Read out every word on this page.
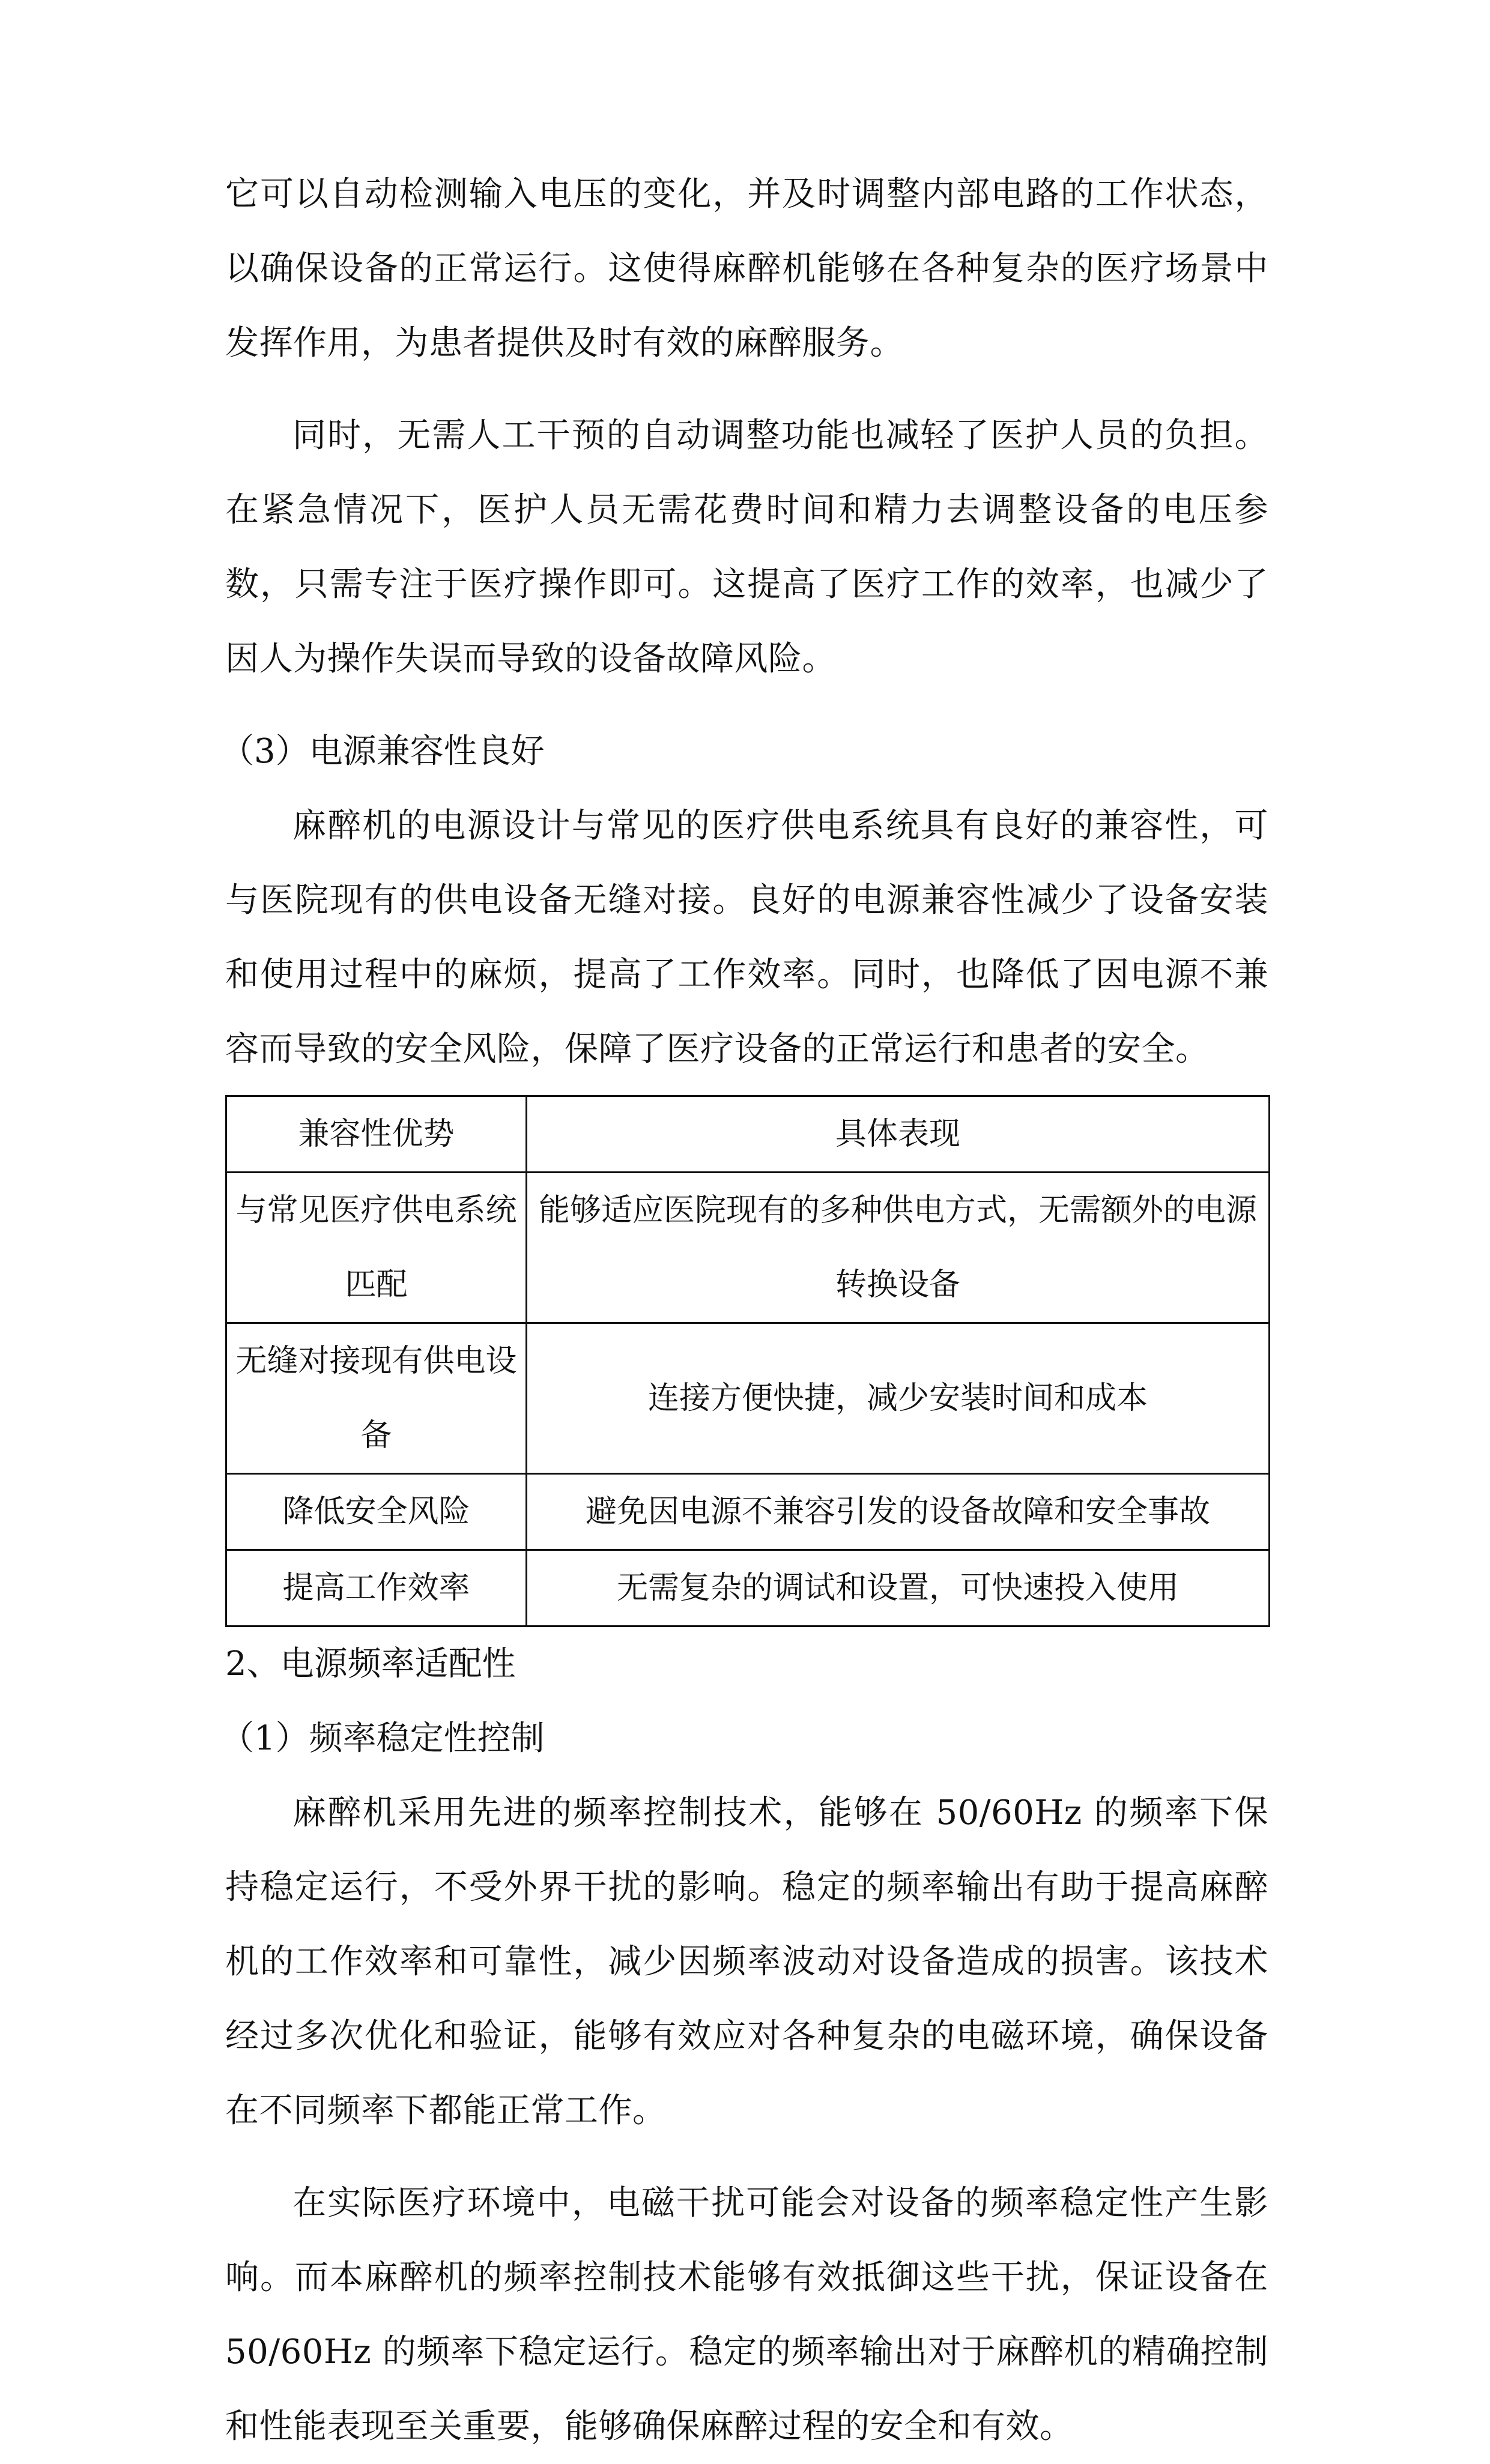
它可以自动检测输入电压的变化，并及时调整内部电路的工作状态，以确保设备的正常运行。这使得麻醉机能够在各种复杂的医疗场景中发挥作用，为患者提供及时有效的麻醉服务。

同时，无需人工干预的自动调整功能也减轻了医护人员的负担。在紧急情况下，医护人员无需花费时间和精力去调整设备的电压参数，只需专注于医疗操作即可。这提高了医疗工作的效率，也减少了因人为操作失误而导致的设备故障风险。

（3）电源兼容性良好

麻醉机的电源设计与常见的医疗供电系统具有良好的兼容性，可与医院现有的供电设备无缝对接。良好的电源兼容性减少了设备安装和使用过程中的麻烦，提高了工作效率。同时，也降低了因电源不兼容而导致的安全风险，保障了医疗设备的正常运行和患者的安全。

兼容性优势	具体表现
与常见医疗供电系统匹配	能够适应医院现有的多种供电方式，无需额外的电源转换设备
无缝对接现有供电设备	连接方便快捷，减少安装时间和成本
降低安全风险	避免因电源不兼容引发的设备故障和安全事故
提高工作效率	无需复杂的调试和设置，可快速投入使用
2、电源频率适配性
（1）频率稳定性控制

麻醉机采用先进的频率控制技术，能够在 50/60Hz 的频率下保持稳定运行，不受外界干扰的影响。稳定的频率输出有助于提高麻醉机的工作效率和可靠性，减少因频率波动对设备造成的损害。该技术经过多次优化和验证，能够有效应对各种复杂的电磁环境，确保设备在不同频率下都能正常工作。

在实际医疗环境中，电磁干扰可能会对设备的频率稳定性产生影响。而本麻醉机的频率控制技术能够有效抵御这些干扰，保证设备在 50/60Hz 的频率下稳定运行。稳定的频率输出对于麻醉机的精确控制和性能表现至关重要，能够确保麻醉过程的安全和有效。
